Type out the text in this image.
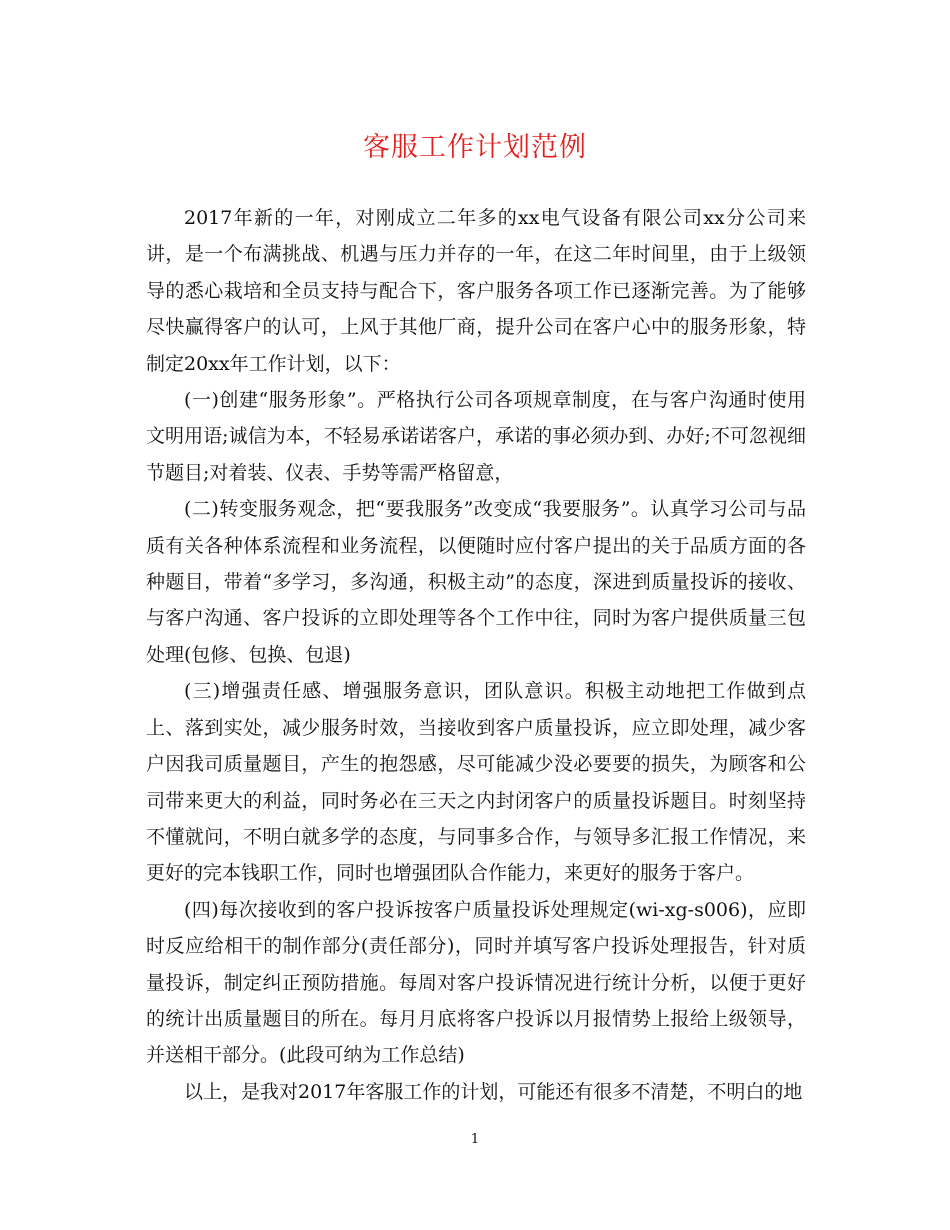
客服工作计划范例

2017年新的一年，对刚成立二年多的xx电气设备有限公司xx分公司来讲，是一个布满挑战、机遇与压力并存的一年，在这二年时间里，由于上级领导的悉心栽培和全员支持与配合下，客户服务各项工作已逐渐完善。为了能够尽快赢得客户的认可，上风于其他厂商，提升公司在客户心中的服务形象，特制定20xx年工作计划，以下：

(一)创建“服务形象”。严格执行公司各项规章制度，在与客户沟通时使用文明用语;诚信为本，不轻易承诺诺客户，承诺的事必须办到、办好;不可忽视细节题目;对着装、仪表、手势等需严格留意，

(二)转变服务观念，把“要我服务”改变成“我要服务”。认真学习公司与品质有关各种体系流程和业务流程，以便随时应付客户提出的关于品质方面的各种题目，带着“多学习，多沟通，积极主动”的态度，深进到质量投诉的接收、与客户沟通、客户投诉的立即处理等各个工作中往，同时为客户提供质量三包处理(包修、包换、包退)

(三)增强责任感、增强服务意识，团队意识。积极主动地把工作做到点上、落到实处，减少服务时效，当接收到客户质量投诉，应立即处理，减少客户因我司质量题目，产生的抱怨感，尽可能减少没必要要的损失，为顾客和公司带来更大的利益，同时务必在三天之内封闭客户的质量投诉题目。时刻坚持不懂就问，不明白就多学的态度，与同事多合作，与领导多汇报工作情况，来更好的完本钱职工作，同时也增强团队合作能力，来更好的服务于客户。

(四)每次接收到的客户投诉按客户质量投诉处理规定(wi-xg-s006)，应即时反应给相干的制作部分(责任部分)，同时并填写客户投诉处理报告，针对质量投诉，制定纠正预防措施。每周对客户投诉情况进行统计分析，以便于更好的统计出质量题目的所在。每月月底将客户投诉以月报情势上报给上级领导，并送相干部分。(此段可纳为工作总结)

以上，是我对2017年客服工作的计划，可能还有很多不清楚，不明白的地

1
